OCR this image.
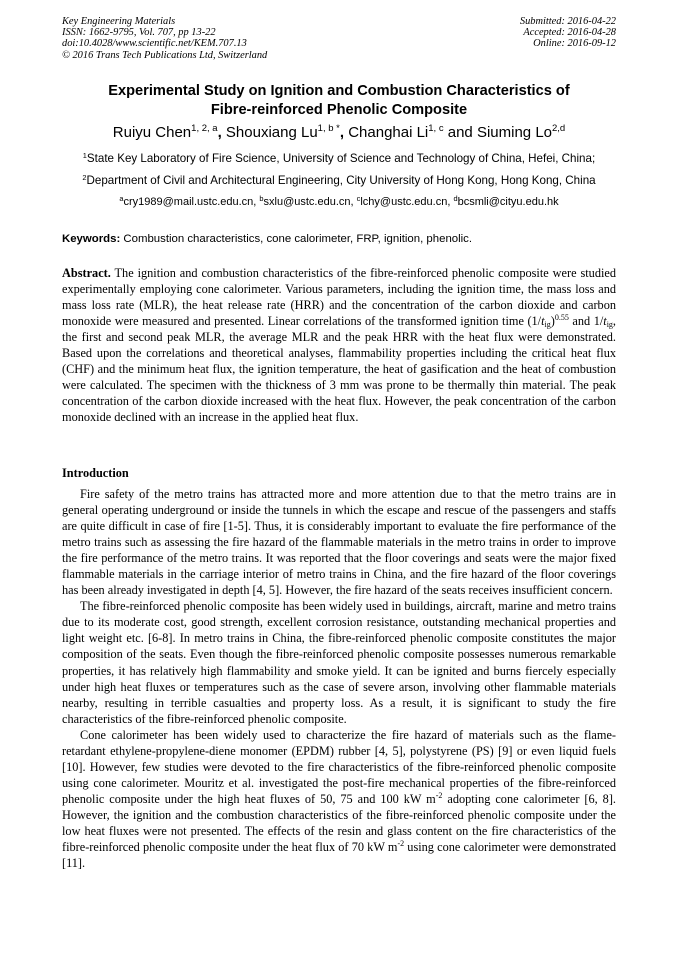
Key Engineering Materials
ISSN: 1662-9795, Vol. 707, pp 13-22
doi:10.4028/www.scientific.net/KEM.707.13
© 2016 Trans Tech Publications Ltd, Switzerland
Submitted: 2016-04-22
Accepted: 2016-04-28
Online: 2016-09-12
Experimental Study on Ignition and Combustion Characteristics of
Fibre-reinforced Phenolic Composite
Ruiyu Chen$^{1, 2, a}$, Shouxiang $Lu^{1, b *}$, Changhai Li$^{1, c}$ and Siuming Lo$^{2,d}$
$^1$State Key Laboratory of Fire Science, University of Science and Technology of China, Hefei, China;
$^2$Department of Civil and Architectural Engineering, City University of Hong Kong, Hong Kong, China
$^a$cry1989@mail.ustc.edu.cn, $^b$sxlu@ustc.edu.cn, $^c$lchy@ustc.edu.cn, $^d$bcsmli@cityu.edu.hk
Keywords: Combustion characteristics, cone calorimeter, FRP, ignition, phenolic.
Abstract. The ignition and combustion characteristics of the fibre-reinforced phenolic composite were studied experimentally employing cone calorimeter. Various parameters, including the ignition time, the mass loss and mass loss rate (MLR), the heat release rate (HRR) and the concentration of the carbon dioxide and carbon monoxide were measured and presented. Linear correlations of the transformed ignition time $(1/t_{ig})^{0.55}$ and $1/t_{ig}$, the first and second peak MLR, the average MLR and the peak HRR with the heat flux were demonstrated. Based upon the correlations and theoretical analyses, flammability properties including the critical heat flux (CHF) and the minimum heat flux, the ignition temperature, the heat of gasification and the heat of combustion were calculated. The specimen with the thickness of 3 mm was prone to be thermally thin material. The peak concentration of the carbon dioxide increased with the heat flux. However, the peak concentration of the carbon monoxide declined with an increase in the applied heat flux.
Introduction

Fire safety of the metro trains has attracted more and more attention due to that the metro trains are in general operating underground or inside the tunnels in which the escape and rescue of the passengers and staffs are quite difficult in case of fire [1-5]. Thus, it is considerably important to evaluate the fire performance of the metro trains such as assessing the fire hazard of the flammable materials in the metro trains in order to improve the fire performance of the metro trains. It was reported that the floor coverings and seats were the major fixed flammable materials in the carriage interior of metro trains in China, and the fire hazard of the floor coverings has been already investigated in depth [4, 5]. However, the fire hazard of the seats receives insufficient concern.

The fibre-reinforced phenolic composite has been widely used in buildings, aircraft, marine and metro trains due to its moderate cost, good strength, excellent corrosion resistance, outstanding mechanical properties and light weight etc. [6-8]. In metro trains in China, the fibre-reinforced phenolic composite constitutes the major composition of the seats. Even though the fibre-reinforced phenolic composite possesses numerous remarkable properties, it has relatively high flammability and smoke yield. It can be ignited and burns fiercely especially under high heat fluxes or temperatures such as the case of severe arson, involving other flammable materials nearby, resulting in terrible casualties and property loss. As a result, it is significant to study the fire characteristics of the fibre-reinforced phenolic composite.

Cone calorimeter has been widely used to characterize the fire hazard of materials such as the flame-retardant ethylene-propylene-diene monomer (EPDM) rubber [4, 5], polystyrene (PS) [9] or even liquid fuels [10]. However, few studies were devoted to the fire characteristics of the fibre-reinforced phenolic composite using cone calorimeter. Mouritz et al. investigated the post-fire mechanical properties of the fibre-reinforced phenolic composite under the high heat fluxes of 50, 75 and 100 kW $m^{-2}$ adopting cone calorimeter [6, 8]. However, the ignition and the combustion characteristics of the fibre-reinforced phenolic composite under the low heat fluxes were not presented. The effects of the resin and glass content on the fire characteristics of the fibre-reinforced phenolic composite under the heat flux of 70 kW $m^{-2}$ using cone calorimeter were demonstrated [11].
